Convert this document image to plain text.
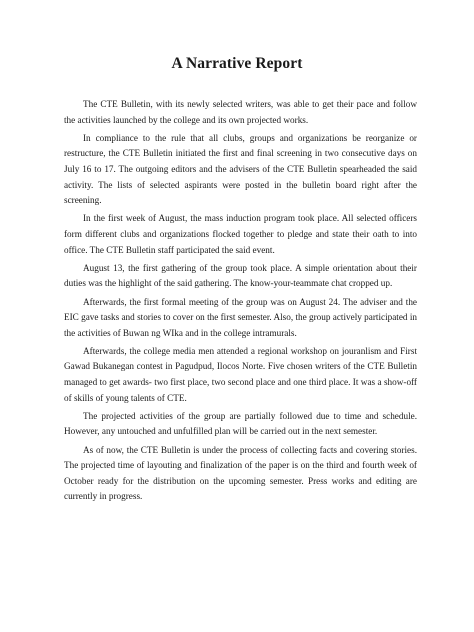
A Narrative Report

The CTE Bulletin, with its newly selected writers, was able to get their pace and follow the activities launched by the college and its own projected works.

In compliance to the rule that all clubs, groups and organizations be reorganize or restructure, the CTE Bulletin initiated the first and final screening in two consecutive days on July 16 to 17. The outgoing editors and the advisers of the CTE Bulletin spearheaded the said activity. The lists of selected aspirants were posted in the bulletin board right after the screening.

In the first week of August, the mass induction program took place. All selected officers form different clubs and organizations flocked together to pledge and state their oath to into office. The CTE Bulletin staff participated the said event.

August 13, the first gathering of the group took place. A simple orientation about their duties was the highlight of the said gathering. The know-your-teammate chat cropped up.

Afterwards, the first formal meeting of the group was on August 24. The adviser and the EIC gave tasks and stories to cover on the first semester. Also, the group actively participated in the activities of Buwan ng WIka and in the college intramurals.

Afterwards, the college media men attended a regional workshop on jouranlism and First Gawad Bukanegan contest in Pagudpud, Ilocos Norte. Five chosen writers of the CTE Bulletin managed to get awards- two first place, two second place and one third place. It was a show-off of skills of young talents of CTE.

The projected activities of the group are partially followed due to time and schedule. However, any untouched and unfulfilled plan will be carried out in the next semester.

As of now, the CTE Bulletin is under the process of collecting facts and covering stories. The projected time of layouting and finalization of the paper is on the third and fourth week of October ready for the distribution on the upcoming semester. Press works and editing are currently in progress.
